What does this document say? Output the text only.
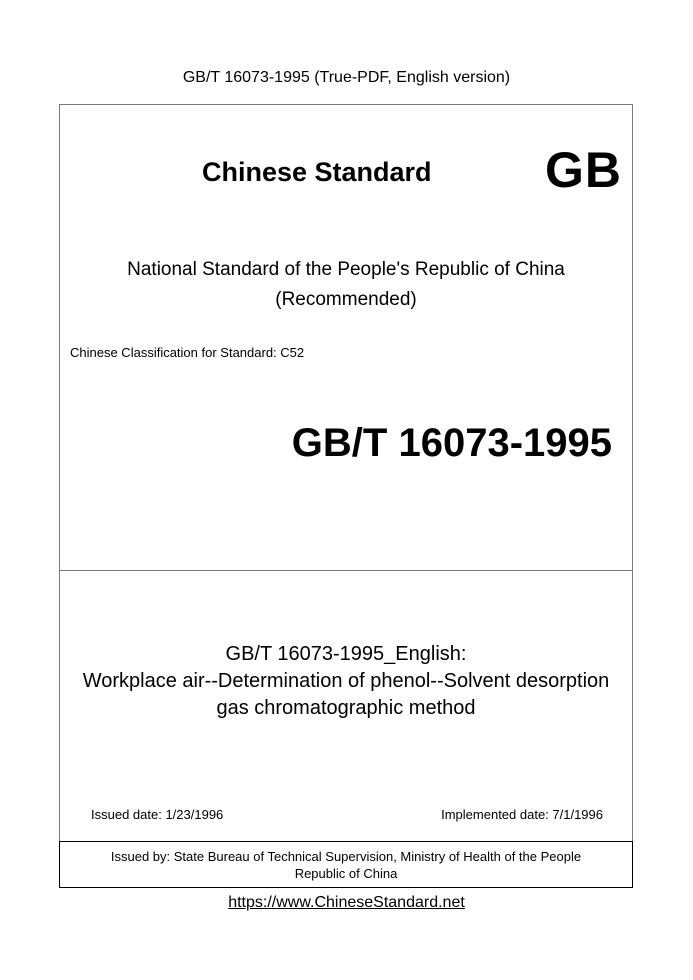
GB/T 16073-1995 (True-PDF, English version)
Chinese Standard GB
National Standard of the People's Republic of China
(Recommended)
Chinese Classification for Standard: C52
GB/T 16073-1995
GB/T 16073-1995_English:
Workplace air--Determination of phenol--Solvent desorption
gas chromatographic method
Issued date: 1/23/1996	Implemented date: 7/1/1996
Issued by: State Bureau of Technical Supervision, Ministry of Health of the People
Republic of China
https://www.ChineseStandard.net
